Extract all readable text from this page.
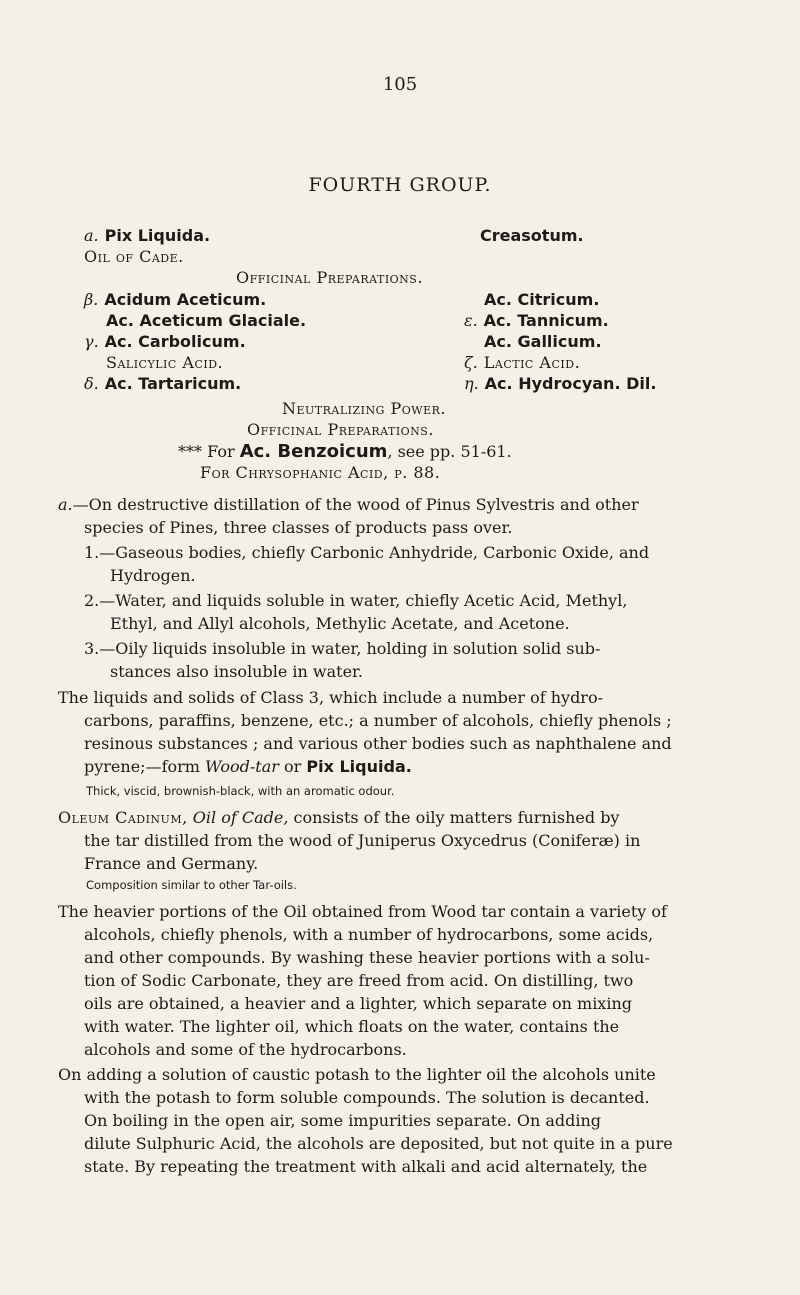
105
FOURTH GROUP.
a. Pix Liquida.	Creasotum.
Oil of Cade.
Officinal Preparations.
β. Acidum Aceticum.	Ac. Citricum.
Ac. Aceticum Glaciale.	ε. Ac. Tannicum.
γ. Ac. Carbolicum.	Ac. Gallicum.
Salicylic Acid.	ζ. Lactic Acid.
δ. Ac. Tartaricum.	η. Ac. Hydrocyan. Dil.
Neutralizing Power.
Officinal Preparations.
*** For Ac. Benzoicum, see pp. 51-61.
For Chrysophanic Acid, p. 88.
a.—On destructive distillation of the wood of Pinus Sylvestris and other
species of Pines, three classes of products pass over.
1.—Gaseous bodies, chiefly Carbonic Anhydride, Carbonic Oxide, and
Hydrogen.
2.—Water, and liquids soluble in water, chiefly Acetic Acid, Methyl,
Ethyl, and Allyl alcohols, Methylic Acetate, and Acetone.
3.—Oily liquids insoluble in water, holding in solution solid sub-
stances also insoluble in water.
The liquids and solids of Class 3, which include a number of hydro-
carbons, paraffins, benzene, etc.; a number of alcohols, chiefly phenols ;
resinous substances ; and various other bodies such as naphthalene and
pyrene;—form Wood-tar or Pix Liquida.
Thick, viscid, brownish-black, with an aromatic odour.
Oleum Cadinum, Oil of Cade, consists of the oily matters furnished by
the tar distilled from the wood of Juniperus Oxycedrus (Coniferæ) in
France and Germany.
Composition similar to other Tar-oils.
The heavier portions of the Oil obtained from Wood tar contain a variety of
alcohols, chiefly phenols, with a number of hydrocarbons, some acids,
and other compounds. By washing these heavier portions with a solu-
tion of Sodic Carbonate, they are freed from acid. On distilling, two
oils are obtained, a heavier and a lighter, which separate on mixing
with water. The lighter oil, which floats on the water, contains the
alcohols and some of the hydrocarbons.
On adding a solution of caustic potash to the lighter oil the alcohols unite
with the potash to form soluble compounds. The solution is decanted.
On boiling in the open air, some impurities separate. On adding
dilute Sulphuric Acid, the alcohols are deposited, but not quite in a pure
state. By repeating the treatment with alkali and acid alternately, the
